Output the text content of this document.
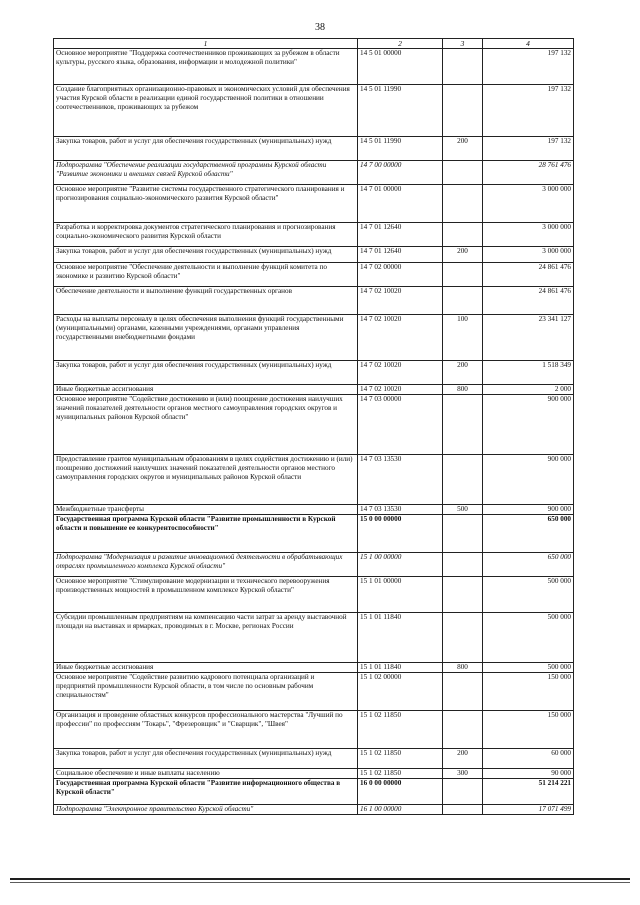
38
1	2	3	4
Основное мероприятие "Поддержка соотечественников проживающих за рубежом в области культуры, русского языка, образования, информации и молодежной политики"	14 5 01 00000		197 132
Создание благоприятных организационно-правовых и экономических условий для обеспечения участия Курской области в реализации единой государственной политики в отношении соотечественников, проживающих за рубежом	14 5 01 11990		197 132
Закупка товаров, работ и услуг для обеспечения государственных (муниципальных) нужд	14 5 01 11990	200	197 132
Подпрограмма "Обеспечение реализации государственной программы Курской области "Развитие экономики и внешних связей Курской области"	14 7 00 00000		28 761 476
Основное мероприятие "Развитие системы государственного стратегического планирования и прогнозирования социально-экономического развития Курской области"	14 7 01 00000		3 000 000
Разработка и корректировка документов стратегического планирования и прогнозирования социально-экономического развития Курской области	14 7 01 12640		3 000 000
Закупка товаров, работ и услуг для обеспечения государственных (муниципальных) нужд	14 7 01 12640	200	3 000 000
Основное мероприятие "Обеспечение деятельности и выполнение функций комитета по экономике и развитию Курской области"	14 7 02 00000		24 861 476
Обеспечение деятельности и выполнение функций государственных органов	14 7 02 10020		24 861 476
Расходы на выплаты персоналу в целях обеспечения выполнения функций государственными (муниципальными) органами, казенными учреждениями, органами управления государственными внебюджетными фондами	14 7 02 10020	100	23 341 127
Закупка товаров, работ и услуг для обеспечения государственных (муниципальных) нужд	14 7 02 10020	200	1 518 349
Иные бюджетные ассигнования	14 7 02 10020	800	2 000
Основное мероприятие "Содействие достижению и (или) поощрение достижения наилучших значений показателей деятельности органов местного самоуправления городских округов и муниципальных районов Курской области"	14 7 03 00000		900 000
Предоставление грантов муниципальным образованиям в целях содействия достижению и (или) поощрению достижений наилучших значений показателей деятельности органов местного самоуправления городских округов и муниципальных районов Курской области	14 7 03 13530		900 000
Межбюджетные трансферты	14 7 03 13530	500	900 000
Государственная программа Курской области "Развитие промышленности в Курской области и повышение ее конкурентоспособности"	15 0 00 00000		650 000
Подпрограмма "Модернизация и развитие инновационной деятельности в обрабатывающих отраслях промышленного комплекса Курской области"	15 1 00 00000		650 000
Основное мероприятие "Стимулирование модернизации и технического перевооружения производственных мощностей в промышленном комплексе Курской области"	15 1 01 00000		500 000
Субсидии промышленным предприятиям на компенсацию части затрат за аренду выставочной площади на выставках и ярмарках, проводимых в г. Москве, регионах России	15 1 01 11840		500 000
Иные бюджетные ассигнования	15 1 01 11840	800	500 000
Основное мероприятие "Содействие развитию кадрового потенциала организаций и предприятий промышленности Курской области, в том числе по основным рабочим специальностям"	15 1 02 00000		150 000
Организация и проведение областных конкурсов профессионального мастерства "Лучший по профессии" по профессиям "Токарь", "Фрезеровщик" и "Сварщик", "Швея"	15 1 02 11850		150 000
Закупка товаров, работ и услуг для обеспечения государственных (муниципальных) нужд	15 1 02 11850	200	60 000
Социальное обеспечение и иные выплаты населению	15 1 02 11850	300	90 000
Государственная программа Курской области "Развитие информационного общества в Курской области"	16 0 00 00000		51 214 221
Подпрограмма "Электронное правительство Курской области"	16 1 00 00000		17 071 499
